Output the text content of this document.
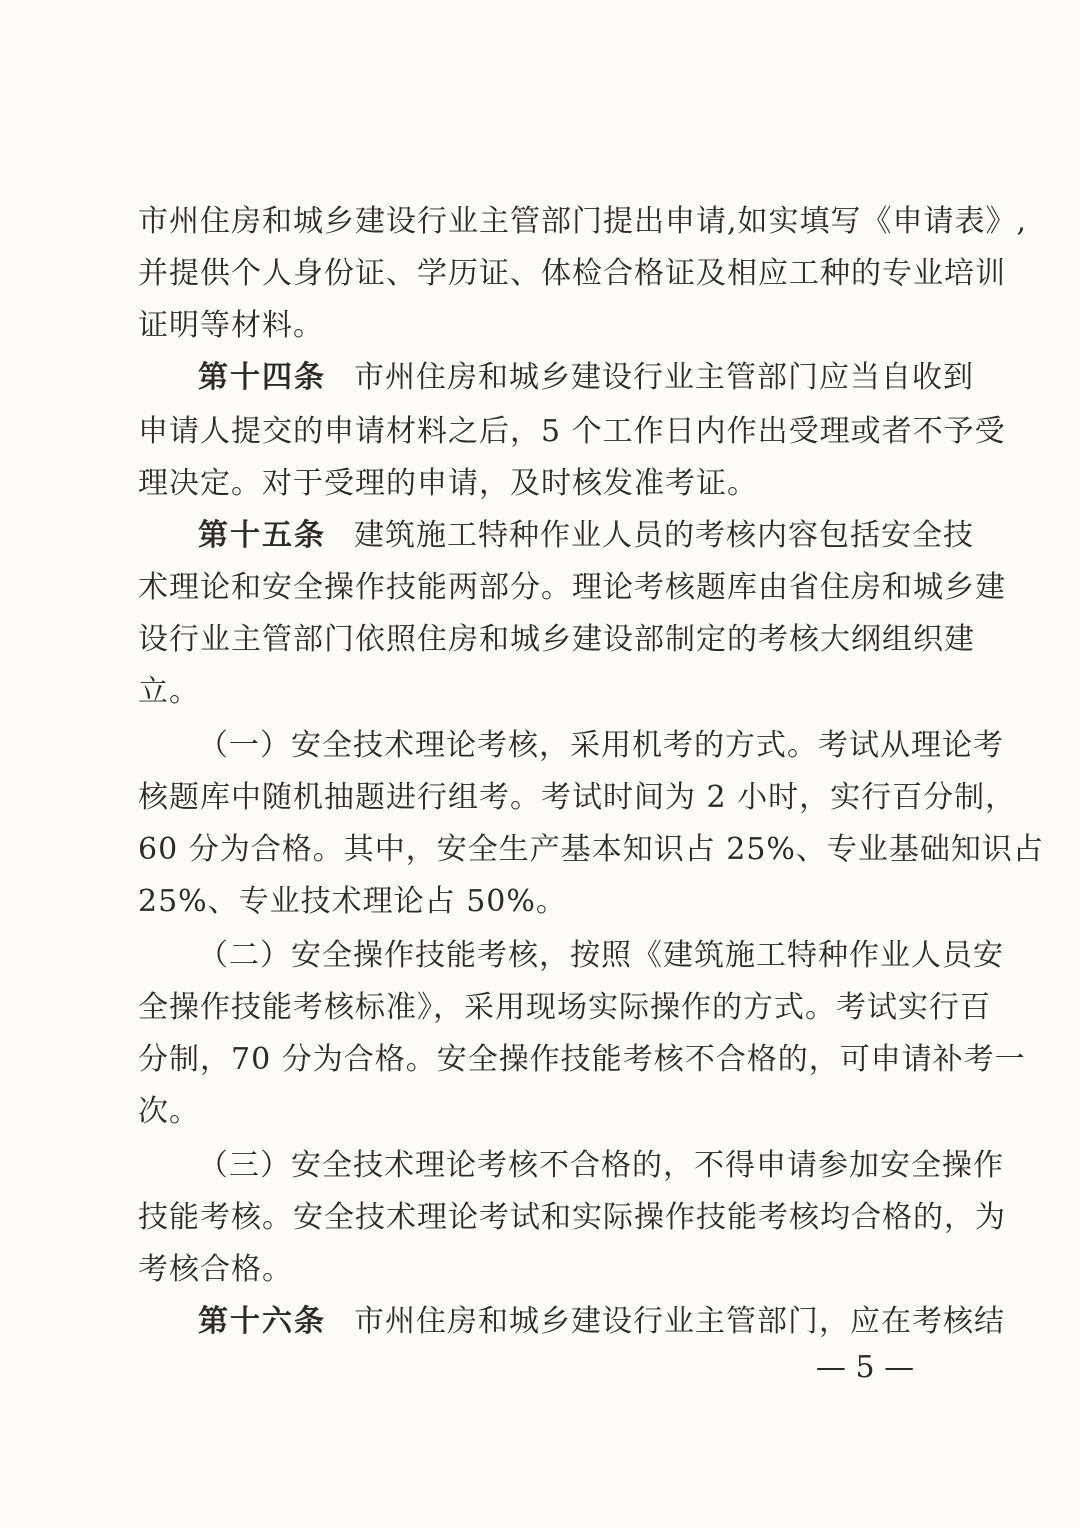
市州住房和城乡建设行业主管部门提出申请,如实填写《申请表》,
并提供个人身份证、学历证、体检合格证及相应工种的专业培训
证明等材料。
第十四条 市州住房和城乡建设行业主管部门应当自收到
申请人提交的申请材料之后，5 个工作日内作出受理或者不予受
理决定。对于受理的申请，及时核发准考证。
第十五条 建筑施工特种作业人员的考核内容包括安全技
术理论和安全操作技能两部分。理论考核题库由省住房和城乡建
设行业主管部门依照住房和城乡建设部制定的考核大纲组织建
立。
（一）安全技术理论考核，采用机考的方式。考试从理论考
核题库中随机抽题进行组考。考试时间为 2 小时，实行百分制，
60 分为合格。其中，安全生产基本知识占 25%、专业基础知识占
25%、专业技术理论占 50%。
（二）安全操作技能考核，按照《建筑施工特种作业人员安
全操作技能考核标准》，采用现场实际操作的方式。考试实行百
分制，70 分为合格。安全操作技能考核不合格的，可申请补考一
次。
（三）安全技术理论考核不合格的，不得申请参加安全操作
技能考核。安全技术理论考试和实际操作技能考核均合格的，为
考核合格。
第十六条 市州住房和城乡建设行业主管部门，应在考核结
— 5 —
